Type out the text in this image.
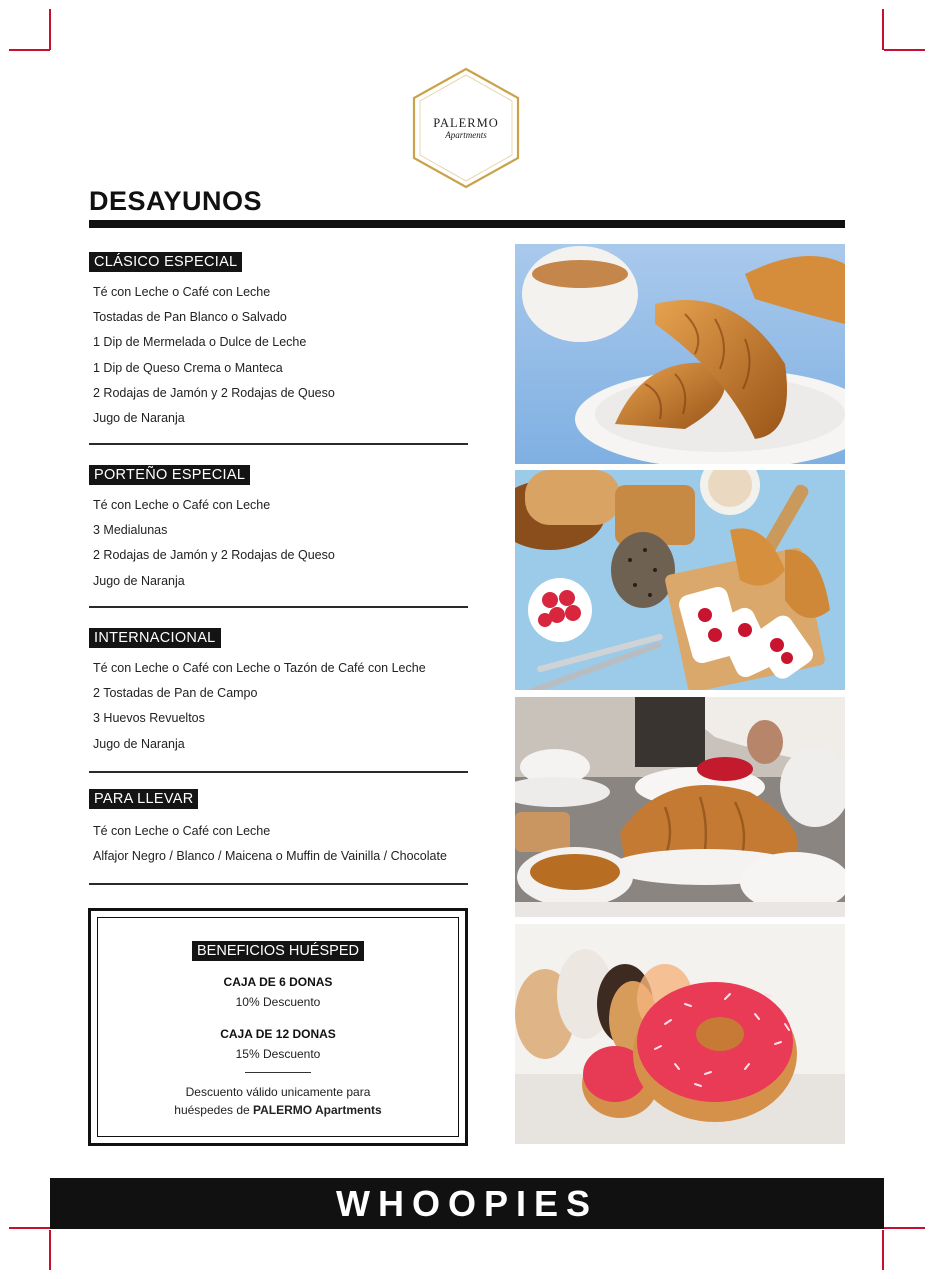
PALERMO
Apartments
DESAYUNOS
CLÁSICO ESPECIAL
Té con Leche o Café con Leche
Tostadas de Pan Blanco o Salvado
1 Dip de Mermelada o Dulce de Leche
1 Dip de Queso Crema o Manteca
2 Rodajas de Jamón y 2 Rodajas de Queso
Jugo de Naranja
PORTEÑO ESPECIAL
Té con Leche o Café con Leche
3 Medialunas
2 Rodajas de Jamón y 2 Rodajas de Queso
Jugo de Naranja
INTERNACIONAL
Té con Leche o Café con Leche o Tazón de Café con Leche
2 Tostadas de Pan de Campo
3 Huevos Revueltos
Jugo de Naranja
PARA LLEVAR
Té con Leche o Café con Leche
Alfajor Negro / Blanco / Maicena o Muffin de Vainilla / Chocolate
BENEFICIOS HUÉSPED
CAJA DE 6 DONAS
10% Descuento
CAJA DE 12 DONAS
15% Descuento
Descuento válido unicamente para
huéspedes de PALERMO Apartments
WHOOPIES
